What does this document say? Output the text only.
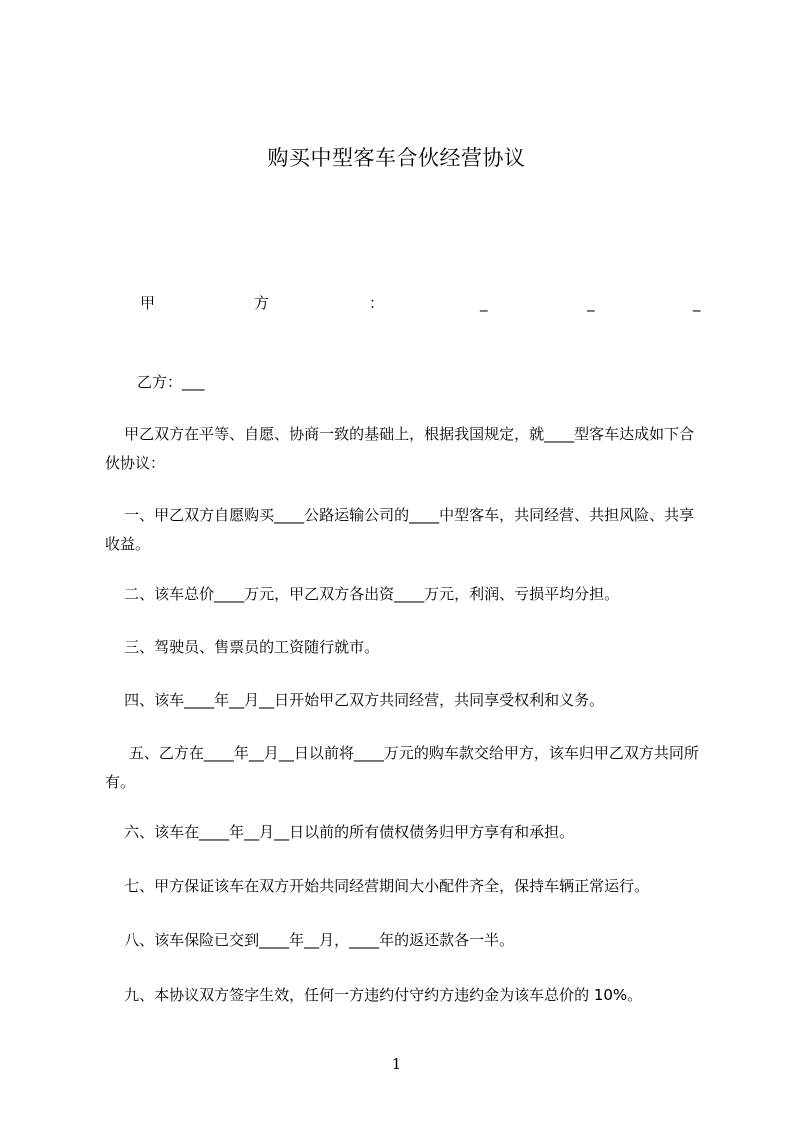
购买中型客车合伙经营协议
甲	方	：	_	_	_

乙方：___

甲乙双方在平等、自愿、协商一致的基础上，根据我国规定，就____型客车达成如下合伙协议：

一、甲乙双方自愿购买____公路运输公司的____中型客车，共同经营、共担风险、共享收益。

二、该车总价____万元，甲乙双方各出资____万元，利润、亏损平均分担。

三、驾驶员、售票员的工资随行就市。

四、该车____年__月__日开始甲乙双方共同经营，共同享受权利和义务。

五、乙方在____年__月__日以前将____万元的购车款交给甲方，该车归甲乙双方共同所有。

六、该车在____年__月__日以前的所有债权债务归甲方享有和承担。

七、甲方保证该车在双方开始共同经营期间大小配件齐全，保持车辆正常运行。

八、该车保险已交到____年__月，____年的返还款各一半。

九、本协议双方签字生效，任何一方违约付守约方违约金为该车总价的 10%。

1
